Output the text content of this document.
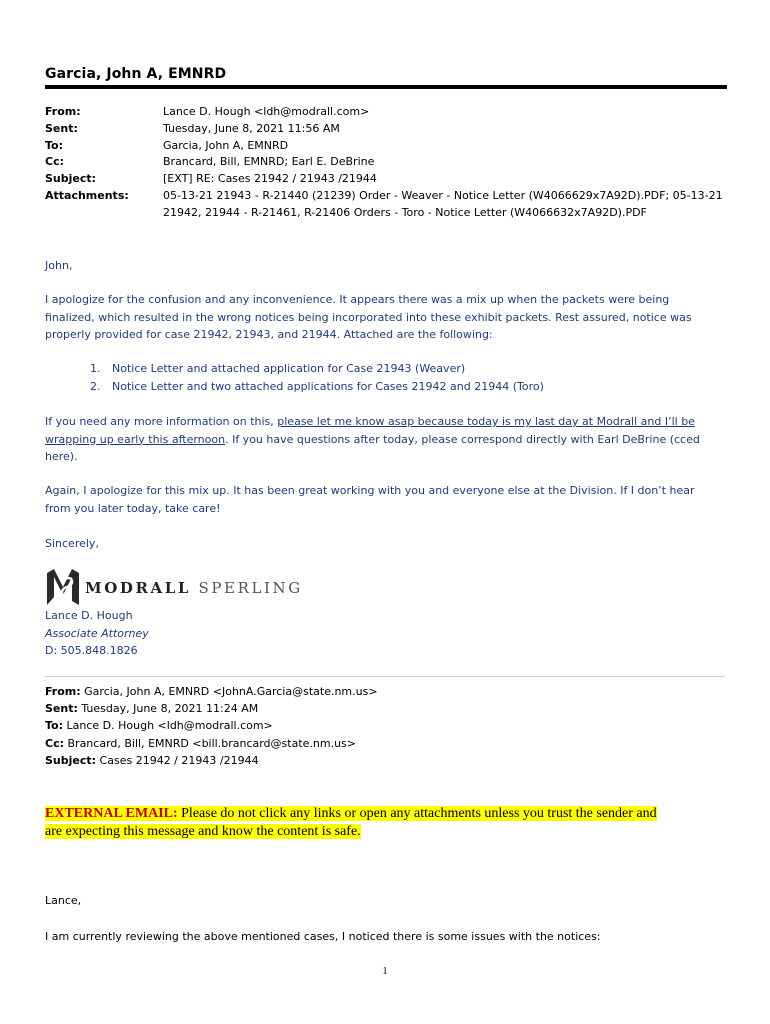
Garcia, John A, EMNRD
From:	Lance D. Hough <ldh@modrall.com>
Sent:	Tuesday, June 8, 2021 11:56 AM
To:	Garcia, John A, EMNRD
Cc:	Brancard, Bill, EMNRD; Earl E. DeBrine
Subject:	[EXT] RE: Cases 21942 / 21943 /21944
Attachments:	05-13-21 21943 - R-21440 (21239) Order - Weaver - Notice Letter (W4066629x7A92D).PDF; 05-13-21
21942, 21944 - R-21461, R-21406 Orders - Toro - Notice Letter (W4066632x7A92D).PDF
John,

I apologize for the confusion and any inconvenience. It appears there was a mix up when the packets were being

finalized, which resulted in the wrong notices being incorporated into these exhibit packets. Rest assured, notice was

properly provided for case 21942, 21943, and 21944. Attached are the following:

1.	Notice Letter and attached application for Case 21943 (Weaver)
2.	Notice Letter and two attached applications for Cases 21942 and 21944 (Toro)

If you need any more information on this, please let me know asap because today is my last day at Modrall and I’ll be

wrapping up early this afternoon. If you have questions after today, please correspond directly with Earl DeBrine (cced

here).

Again, I apologize for this mix up. It has been great working with you and everyone else at the Division. If I don’t hear

from you later today, take care!

Sincerely,
MODRALL SPERLING
Lance D. Hough
Associate Attorney
D: 505.848.1826
From: Garcia, John A, EMNRD <JohnA.Garcia@state.nm.us>
Sent: Tuesday, June 8, 2021 11:24 AM
To: Lance D. Hough <ldh@modrall.com>
Cc: Brancard, Bill, EMNRD <bill.brancard@state.nm.us>
Subject: Cases 21942 / 21943 /21944
EXTERNAL EMAIL: Please do not click any links or open any attachments unless you trust the sender and
are expecting this message and know the content is safe.
Lance,
I am currently reviewing the above mentioned cases, I noticed there is some issues with the notices:
1
